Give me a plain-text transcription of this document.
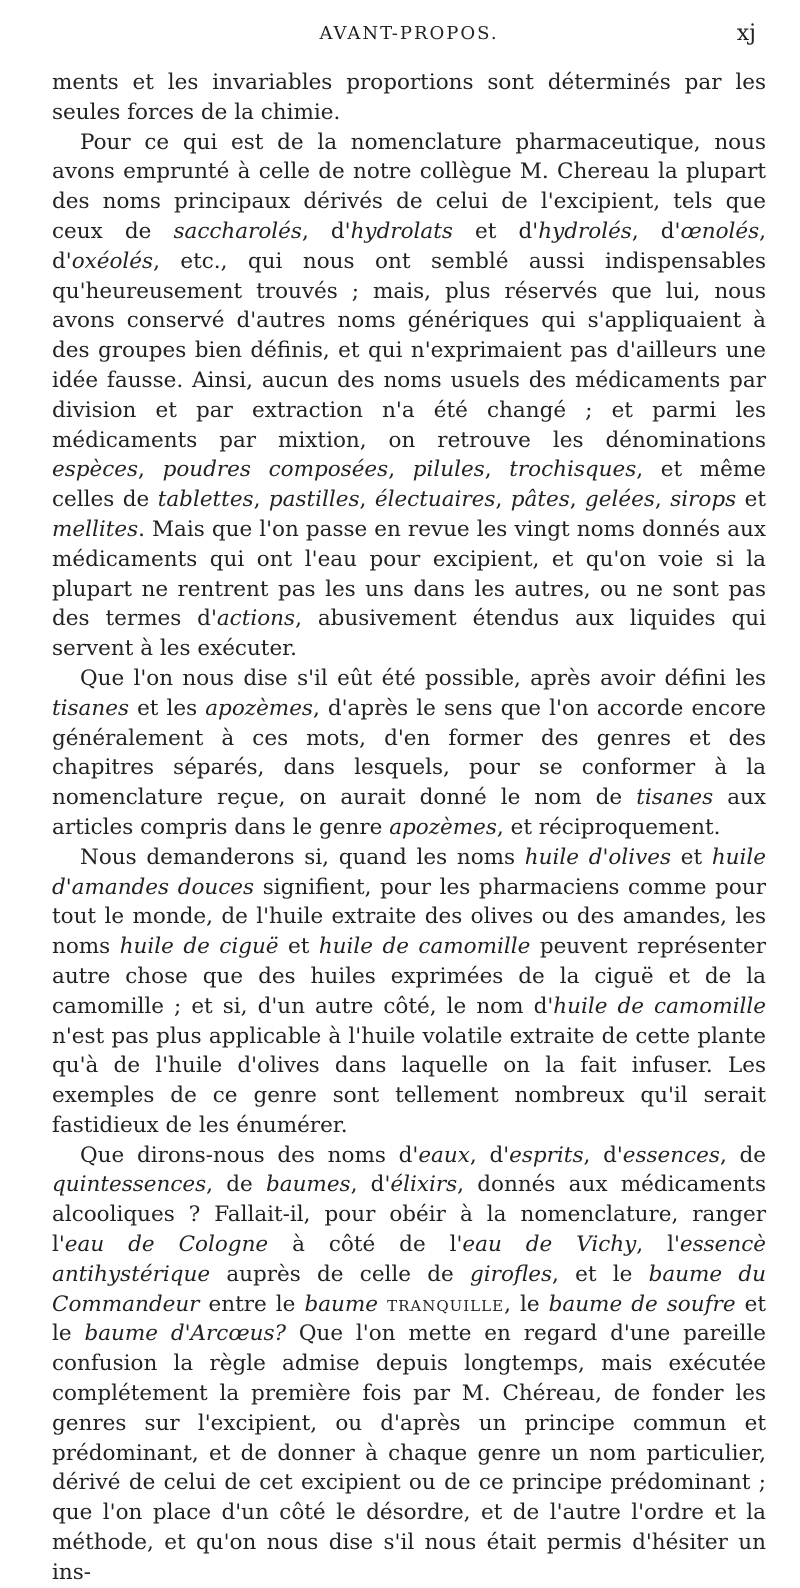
AVANT-PROPOS.	xj

ments et les invariables proportions sont déterminés par les seules forces de la chimie.

Pour ce qui est de la nomenclature pharmaceutique, nous avons emprunté à celle de notre collègue M. Chereau la plupart des noms principaux dérivés de celui de l'excipient, tels que ceux de saccharolés, d'hydrolats et d'hydrolés, d'œnolés, d'oxéolés, etc., qui nous ont semblé aussi indispensables qu'heureusement trouvés ; mais, plus réservés que lui, nous avons conservé d'autres noms génériques qui s'appliquaient à des groupes bien définis, et qui n'exprimaient pas d'ailleurs une idée fausse. Ainsi, aucun des noms usuels des médicaments par division et par extraction n'a été changé ; et parmi les médicaments par mixtion, on retrouve les dénominations espèces, poudres composées, pilules, trochisques, et même celles de tablettes, pastilles, électuaires, pâtes, gelées, sirops et mellites. Mais que l'on passe en revue les vingt noms donnés aux médicaments qui ont l'eau pour excipient, et qu'on voie si la plupart ne rentrent pas les uns dans les autres, ou ne sont pas des termes d'actions, abusivement étendus aux liquides qui servent à les exécuter.

Que l'on nous dise s'il eût été possible, après avoir défini les tisanes et les apozèmes, d'après le sens que l'on accorde encore généralement à ces mots, d'en former des genres et des chapitres séparés, dans lesquels, pour se conformer à la nomenclature reçue, on aurait donné le nom de tisanes aux articles compris dans le genre apozèmes, et réciproquement.

Nous demanderons si, quand les noms huile d'olives et huile d'amandes douces signifient, pour les pharmaciens comme pour tout le monde, de l'huile extraite des olives ou des amandes, les noms huile de ciguë et huile de camomille peuvent représenter autre chose que des huiles exprimées de la ciguë et de la camomille ; et si, d'un autre côté, le nom d'huile de camomille n'est pas plus applicable à l'huile volatile extraite de cette plante qu'à de l'huile d'olives dans laquelle on la fait infuser. Les exemples de ce genre sont tellement nombreux qu'il serait fastidieux de les énumérer.

Que dirons-nous des noms d'eaux, d'esprits, d'essences, de quintessences, de baumes, d'élixirs, donnés aux médicaments alcooliques ? Fallait-il, pour obéir à la nomenclature, ranger l'eau de Cologne à côté de l'eau de Vichy, l'essencè antihystérique auprès de celle de girofles, et le baume du Commandeur entre le baume tranquille, le baume de soufre et le baume d'Arcœus? Que l'on mette en regard d'une pareille confusion la règle admise depuis longtemps, mais exécutée complétement la première fois par M. Chéreau, de fonder les genres sur l'excipient, ou d'après un principe commun et prédominant, et de donner à chaque genre un nom particulier, dérivé de celui de cet excipient ou de ce principe prédominant ; que l'on place d'un côté le désordre, et de l'autre l'ordre et la méthode, et qu'on nous dise s'il nous était permis d'hésiter un ins-
